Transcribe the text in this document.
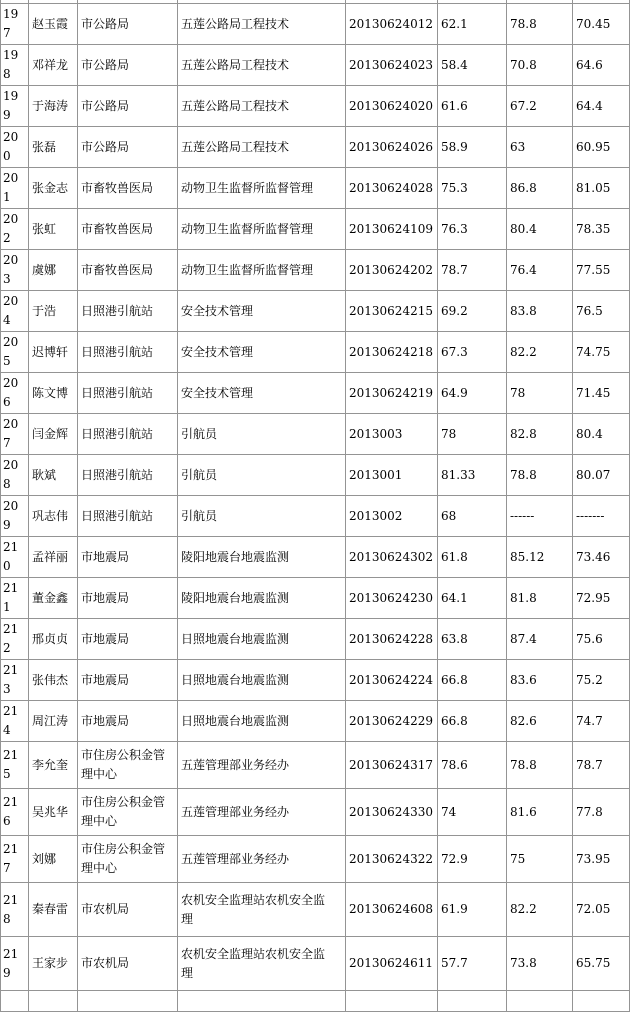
197	赵玉霞	市公路局	五莲公路局工程技术	20130624012	62.1	78.8	70.45
198	邓祥龙	市公路局	五莲公路局工程技术	20130624023	58.4	70.8	64.6
199	于海涛	市公路局	五莲公路局工程技术	20130624020	61.6	67.2	64.4
200	张磊	市公路局	五莲公路局工程技术	20130624026	58.9	63	60.95
201	张金志	市畜牧兽医局	动物卫生监督所监督管理	20130624028	75.3	86.8	81.05
202	张虹	市畜牧兽医局	动物卫生监督所监督管理	20130624109	76.3	80.4	78.35
203	虞娜	市畜牧兽医局	动物卫生监督所监督管理	20130624202	78.7	76.4	77.55
204	于浩	日照港引航站	安全技术管理	20130624215	69.2	83.8	76.5
205	迟博轩	日照港引航站	安全技术管理	20130624218	67.3	82.2	74.75
206	陈文博	日照港引航站	安全技术管理	20130624219	64.9	78	71.45
207	闫金辉	日照港引航站	引航员	2013003	78	82.8	80.4
208	耿斌	日照港引航站	引航员	2013001	81.33	78.8	80.07
209	巩志伟	日照港引航站	引航员	2013002	68	------	-------
210	孟祥丽	市地震局	陵阳地震台地震监测	20130624302	61.8	85.12	73.46
211	董金鑫	市地震局	陵阳地震台地震监测	20130624230	64.1	81.8	72.95
212	邢贞贞	市地震局	日照地震台地震监测	20130624228	63.8	87.4	75.6
213	张伟杰	市地震局	日照地震台地震监测	20130624224	66.8	83.6	75.2
214	周江涛	市地震局	日照地震台地震监测	20130624229	66.8	82.6	74.7
215	李允奎	市住房公积金管理中心	五莲管理部业务经办	20130624317	78.6	78.8	78.7
216	吴兆华	市住房公积金管理中心	五莲管理部业务经办	20130624330	74	81.6	77.8
217	刘娜	市住房公积金管理中心	五莲管理部业务经办	20130624322	72.9	75	73.95
218	秦春雷	市农机局	农机安全监理站农机安全监理	20130624608	61.9	82.2	72.05
219	王家步	市农机局	农机安全监理站农机安全监理	20130624611	57.7	73.8	65.75
